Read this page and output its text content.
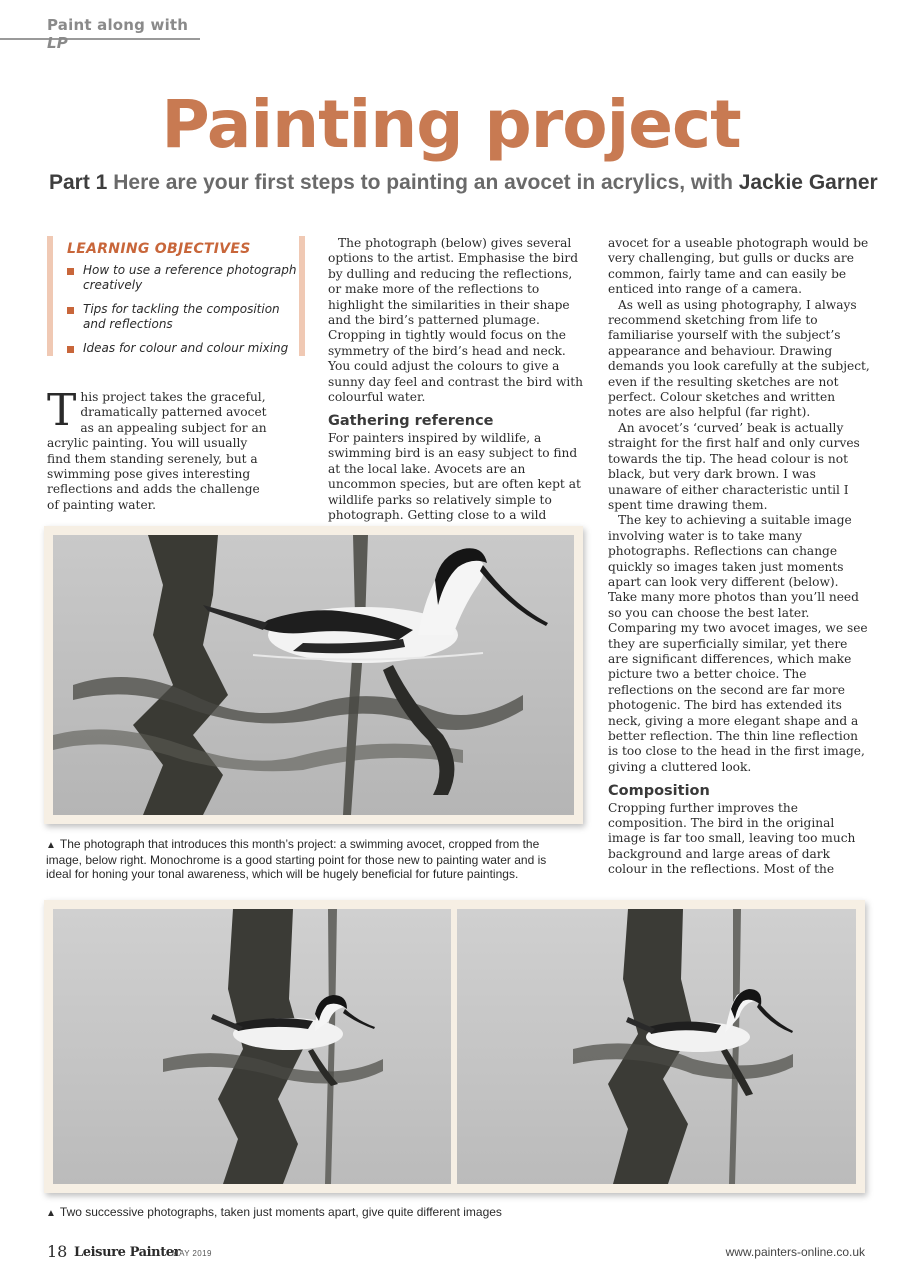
Paint along with LP
Painting project
Part 1 Here are your first steps to painting an avocet in acrylics, with Jackie Garner
LEARNING OBJECTIVES
How to use a reference photograph creatively
Tips for tackling the composition and reflections
Ideas for colour and colour mixing

This project takes the graceful, dramatically patterned avocet as an appealing subject for an acrylic painting. You will usually find them standing serenely, but a swimming pose gives interesting reflections and adds the challenge of painting water.

The photograph (below) gives several options to the artist. Emphasise the bird by dulling and reducing the reflections, or make more of the reflections to highlight the similarities in their shape and the bird’s patterned plumage. Cropping in tightly would focus on the symmetry of the bird’s head and neck. You could adjust the colours to give a sunny day feel and contrast the bird with colourful water.

Gathering reference

For painters inspired by wildlife, a swimming bird is an easy subject to find at the local lake. Avocets are an uncommon species, but are often kept at wildlife parks so relatively simple to photograph. Getting close to a wild

avocet for a useable photograph would be very challenging, but gulls or ducks are common, fairly tame and can easily be enticed into range of a camera.

As well as using photography, I always recommend sketching from life to familiarise yourself with the subject’s appearance and behaviour. Drawing demands you look carefully at the subject, even if the resulting sketches are not perfect. Colour sketches and written notes are also helpful (far right).

An avocet’s ‘curved’ beak is actually straight for the first half and only curves towards the tip. The head colour is not black, but very dark brown. I was unaware of either characteristic until I spent time drawing them.

The key to achieving a suitable image involving water is to take many photographs. Reflections can change quickly so images taken just moments apart can look very different (below). Take many more photos than you’ll need so you can choose the best later. Comparing my two avocet images, we see they are superficially similar, yet there are significant differences, which make picture two a better choice. The reflections on the second are far more photogenic. The bird has extended its neck, giving a more elegant shape and a better reflection. The thin line reflection is too close to the head in the first image, giving a cluttered look.

Composition

Cropping further improves the composition. The bird in the original image is far too small, leaving too much background and large areas of dark colour in the reflections. Most of the

▲ The photograph that introduces this month’s project: a swimming avocet, cropped from the image, below right. Monochrome is a good starting point for those new to painting water and is ideal for honing your tonal awareness, which will be hugely beneficial for future paintings.
▲ Two successive photographs, taken just moments apart, give quite different images
18 Leisure Painter
MAY 2019	www.painters-online.co.uk
